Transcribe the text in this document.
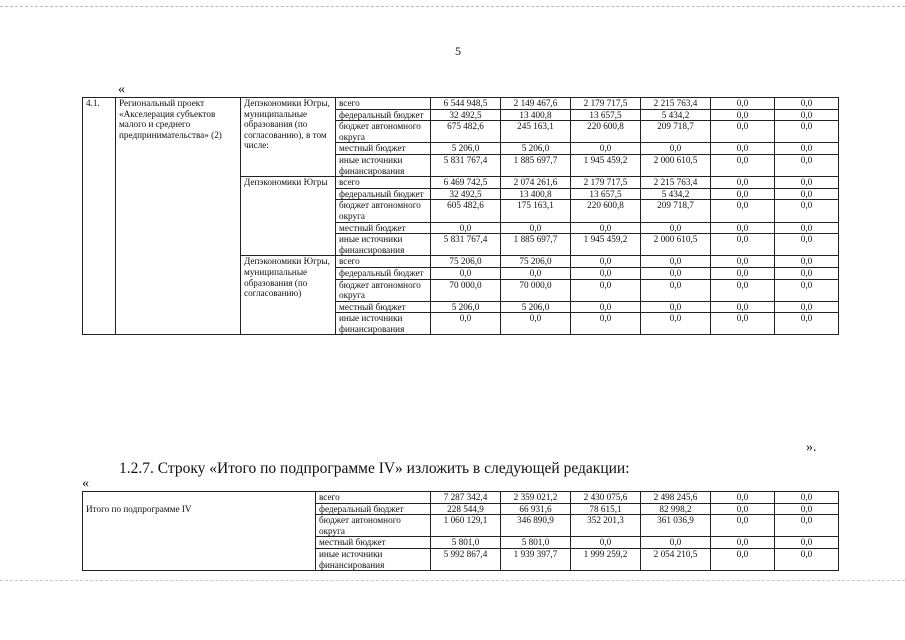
5
«
4.1.	Региональный проект «Акселерация субъектов малого и среднего предпринимательства» (2)	Депэкономики Югры, муниципальные образования (по согласованию), в том числе:	всего	6 544 948,5	2 149 467,6	2 179 717,5	2 215 763,4	0,0	0,0
			федеральный бюджет	32 492,5	13 400,8	13 657,5	5 434,2	0,0	0,0
			бюджет автономного округа	675 482,6	245 163,1	220 600,8	209 718,7	0,0	0,0
			местный бюджет	5 206,0	5 206,0	0,0	0,0	0,0	0,0
			иные источники финансирования	5 831 767,4	1 885 697,7	1 945 459,2	2 000 610,5	0,0	0,0
		Депэкономики Югры	всего	6 469 742,5	2 074 261,6	2 179 717,5	2 215 763,4	0,0	0,0
			федеральный бюджет	32 492,5	13 400,8	13 657,5	5 434,2	0,0	0,0
			бюджет автономного округа	605 482,6	175 163,1	220 600,8	209 718,7	0,0	0,0
			местный бюджет	0,0	0,0	0,0	0,0	0,0	0,0
			иные источники финансирования	5 831 767,4	1 885 697,7	1 945 459,2	2 000 610,5	0,0	0,0
		Депэкономики Югры, муниципальные образования (по согласованию)	всего	75 206,0	75 206,0	0,0	0,0	0,0	0,0
			федеральный бюджет	0,0	0,0	0,0	0,0	0,0	0,0
			бюджет автономного округа	70 000,0	70 000,0	0,0	0,0	0,0	0,0
			местный бюджет	5 206,0	5 206,0	0,0	0,0	0,0	0,0
			иные источники финансирования	0,0	0,0	0,0	0,0	0,0	0,0
».
1.2.7. Строку «Итого по подпрограмме IV» изложить в следующей редакции:
«
Итого по подпрограмме IV	всего	7 287 342,4	2 359 021,2	2 430 075,6	2 498 245,6	0,0	0,0
	федеральный бюджет	228 544,9	66 931,6	78 615,1	82 998,2	0,0	0,0
	бюджет автономного округа	1 060 129,1	346 890,9	352 201,3	361 036,9	0,0	0,0
	местный бюджет	5 801,0	5 801,0	0,0	0,0	0,0	0,0
	иные источники финансирования	5 992 867,4	1 939 397,7	1 999 259,2	2 054 210,5	0,0	0,0
